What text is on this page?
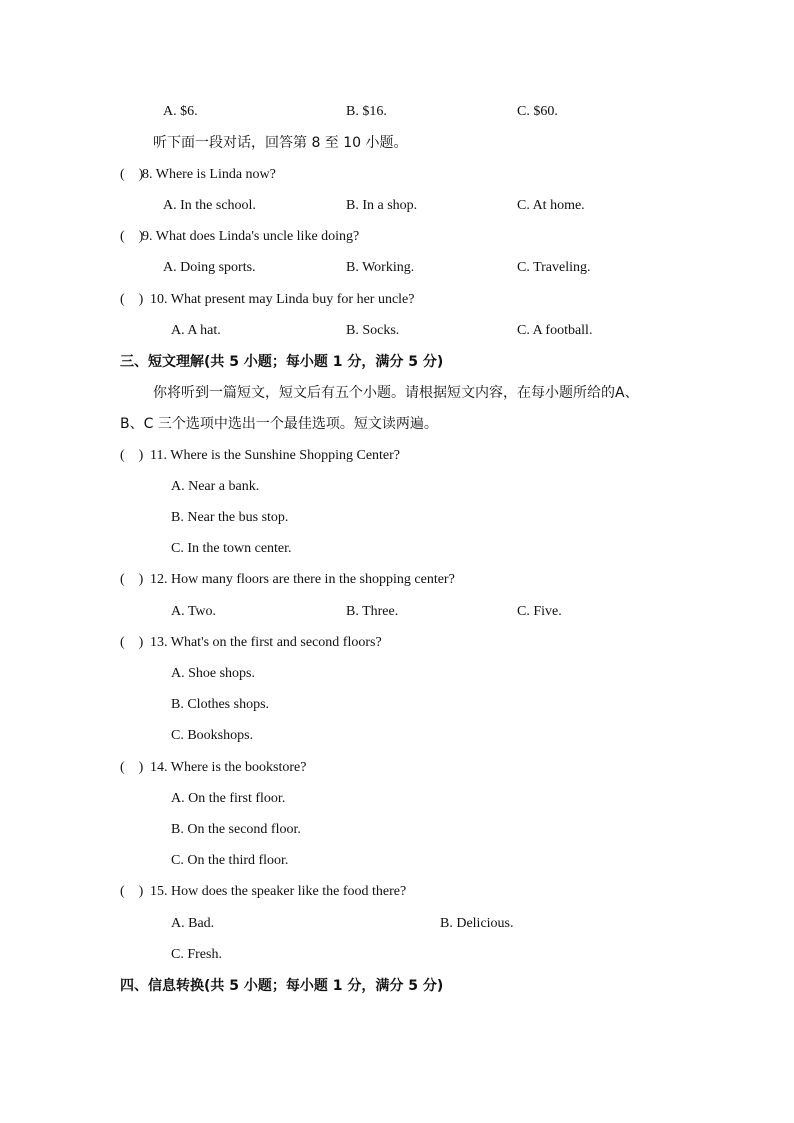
A. $6.	B. $16.	C. $60.
听下面一段对话，回答第 8 至 10 小题。
(　)8. Where is Linda now?
A. In the school.	B. In a shop.	C. At home.
(　)9. What does Linda's uncle like doing?
A. Doing sports.	B. Working.	C. Traveling.
(　) 10. What present may Linda buy for her uncle?
A. A hat.	B. Socks.	C. A football.
三、短文理解(共 5 小题；每小题 1 分，满分 5 分)
你将听到一篇短文，短文后有五个小题。请根据短文内容，在每小题所给的A、
B、C 三个选项中选出一个最佳选项。短文读两遍。
(　) 11. Where is the Sunshine Shopping Center?
A. Near a bank.
B. Near the bus stop.
C. In the town center.
(　) 12. How many floors are there in the shopping center?
A. Two.	B. Three.	C. Five.
(　) 13. What's on the first and second floors?
A. Shoe shops.
B. Clothes shops.
C. Bookshops.
(　) 14. Where is the bookstore?
A. On the first floor.
B. On the second floor.
C. On the third floor.
(　) 15. How does the speaker like the food there?
A. Bad.	B. Delicious.
C. Fresh.
四、信息转换(共 5 小题；每小题 1 分，满分 5 分)
